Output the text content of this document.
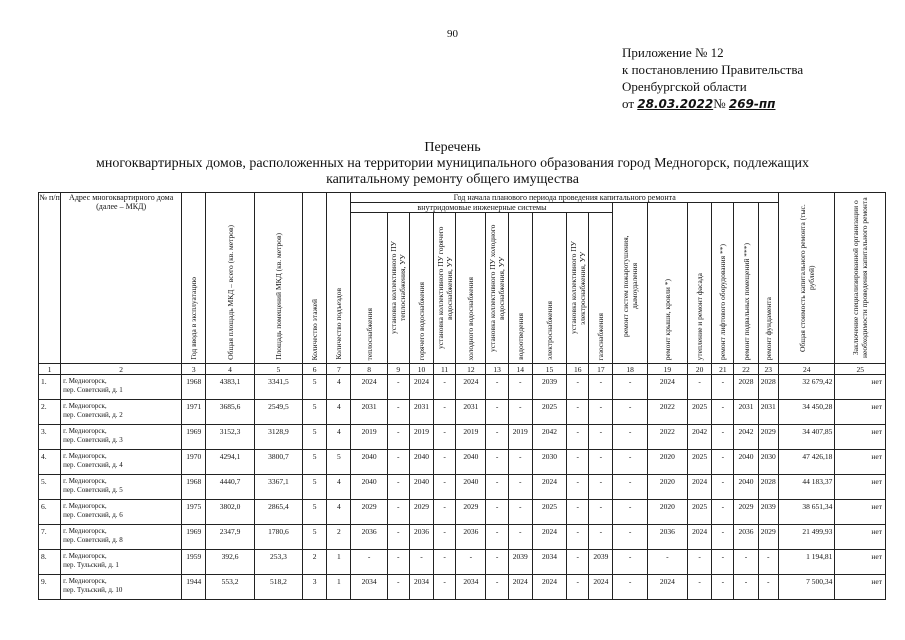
90
Приложение № 12
к постановлению Правительства
Оренбургской области
от 28.03.2022№ 269-пп
Перечень
многоквартирных домов, расположенных на территории муниципального образования город Медногорск, подлежащих капитальному ремонту общего имущества
№ п/п	Адрес многоквартирного дома (далее – МКД)	Год ввода в эксплуатацию	Общая площадь МКД – всего (кв. метров)	Площадь помещений МКД (кв. метров)	Количество этажей	Количество подъездов	Год начала планового периода проведения капитального ремонта																Общая стоимость капитального ремонта (тыс. рублей)	Заключение специализированной организации о необходимости проведения капитального ремонта

							внутридомовые инженерные системы										ремонт систем пожаротушения, дымоудаления	ремонт крыши, кровли *)	утепление и ремонт фасада	ремонт лифтового оборудования **)	ремонт подвальных помещений ***)	ремонт фундамента		

							теплоснабжения	установка коллективного ПУ теплоснабжения, УУ	горячего водоснабжения	установка коллективного ПУ горячего водоснабжения, УУ	холодного водоснабжения	установка коллективного ПУ холодного водоснабжения, УУ	водоотведения	электроснабжения	установка коллективного ПУ электроснабжения, УУ	газоснабжения								

1	2	3	4	5	6	7	8	9	10	11	12	13	14	15	16	17	18	19	20	21	22	23	24	25
1.	г. Медногорск,
пер. Советский, д. 1	1968	4383,1	3341,5	5	4	2024	-	2024	-	2024	-	-	2039	-	-	-	2024	-	-	2028	2028	32 679,42	нет
2.	г. Медногорск,
пер. Советский, д. 2	1971	3685,6	2549,5	5	4	2031	-	2031	-	2031	-	-	2025	-	-	-	2022	2025	-	2031	2031	34 450,28	нет
3.	г. Медногорск,
пер. Советский, д. 3	1969	3152,3	3128,9	5	4	2019	-	2019	-	2019	-	2019	2042	-	-	-	2022	2042	-	2042	2029	34 407,85	нет
4.	г. Медногорск,
пер. Советский, д. 4	1970	4294,1	3800,7	5	5	2040	-	2040	-	2040	-	-	2030	-	-	-	2020	2025	-	2040	2030	47 426,18	нет
5.	г. Медногорск,
пер. Советский, д. 5	1968	4440,7	3367,1	5	4	2040	-	2040	-	2040	-	-	2024	-	-	-	2020	2024	-	2040	2028	44 183,37	нет
6.	г. Медногорск,
пер. Советский, д. 6	1975	3802,0	2865,4	5	4	2029	-	2029	-	2029	-	-	2025	-	-	-	2020	2025	-	2029	2039	38 651,34	нет
7.	г. Медногорск,
пер. Советский, д. 8	1969	2347,9	1780,6	5	2	2036	-	2036	-	2036	-	-	2024	-	-	-	2036	2024	-	2036	2029	21 499,93	нет
8.	г. Медногорск,
пер. Тульский, д. 1	1959	392,6	253,3	2	1	-	-	-	-	-	-	2039	2034	-	2039	-	-	-	-	-	-	1 194,81	нет
9.	г. Медногорск,
пер. Тульский, д. 10	1944	553,2	518,2	3	1	2034	-	2034	-	2034	-	2024	2024	-	2024	-	2024	-	-	-	-	7 500,34	нет
